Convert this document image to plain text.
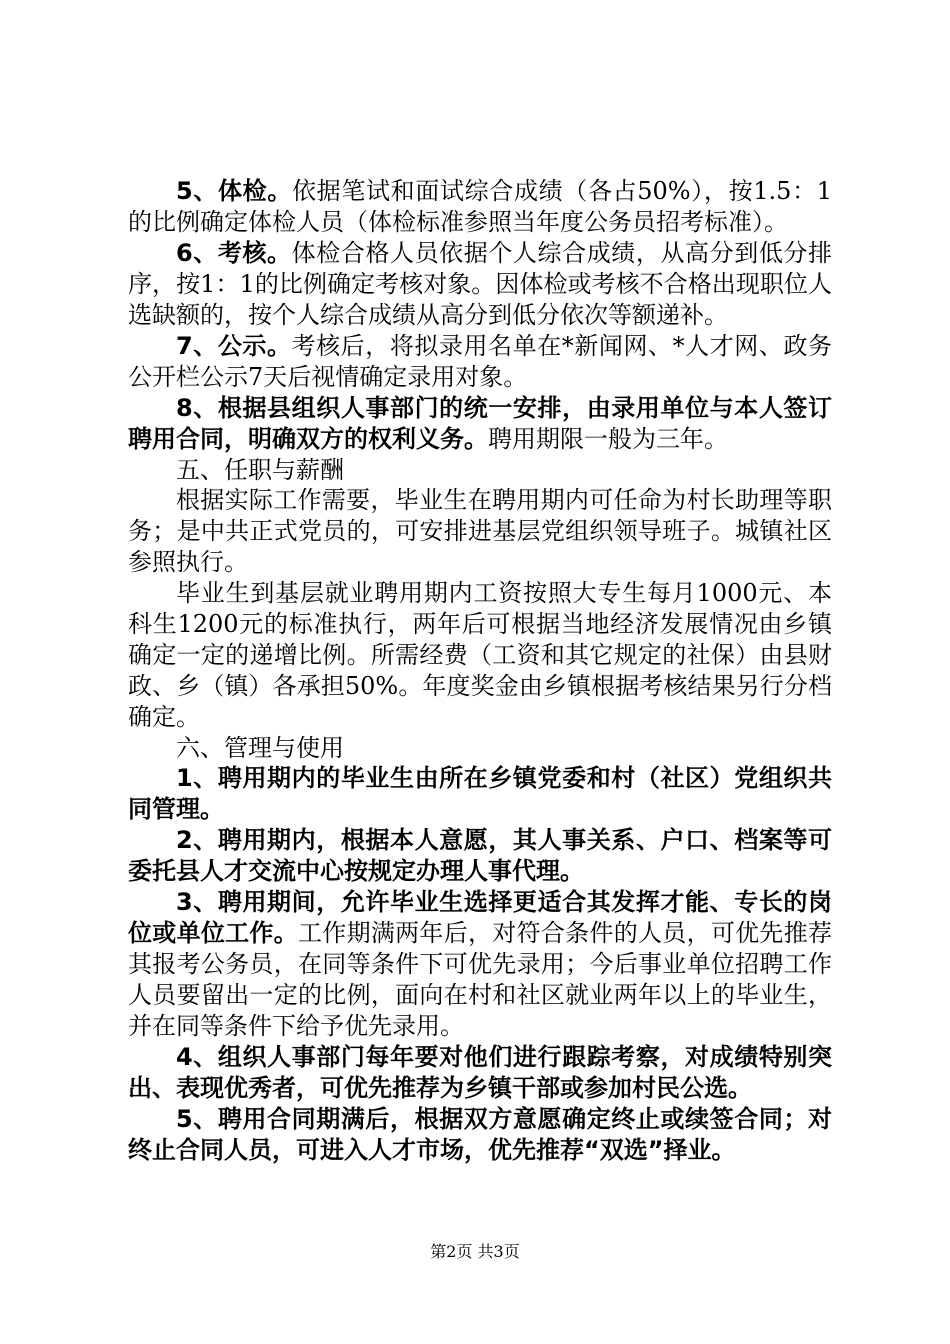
5、体检。依据笔试和面试综合成绩（各占50%），按1.5：1的比例确定体检人员（体检标准参照当年度公务员招考标准）。

6、考核。体检合格人员依据个人综合成绩，从高分到低分排序，按1：1的比例确定考核对象。因体检或考核不合格出现职位人选缺额的，按个人综合成绩从高分到低分依次等额递补。

7、公示。考核后，将拟录用名单在*新闻网、*人才网、政务公开栏公示7天后视情确定录用对象。

8、根据县组织人事部门的统一安排，由录用单位与本人签订聘用合同，明确双方的权利义务。聘用期限一般为三年。

五、任职与薪酬

根据实际工作需要，毕业生在聘用期内可任命为村长助理等职务；是中共正式党员的，可安排进基层党组织领导班子。城镇社区参照执行。

毕业生到基层就业聘用期内工资按照大专生每月1000元、本科生1200元的标准执行，两年后可根据当地经济发展情况由乡镇确定一定的递增比例。所需经费（工资和其它规定的社保）由县财政、乡（镇）各承担50%。年度奖金由乡镇根据考核结果另行分档确定。

六、管理与使用

1、聘用期内的毕业生由所在乡镇党委和村（社区）党组织共同管理。

2、聘用期内，根据本人意愿，其人事关系、户口、档案等可委托县人才交流中心按规定办理人事代理。

3、聘用期间，允许毕业生选择更适合其发挥才能、专长的岗位或单位工作。工作期满两年后，对符合条件的人员，可优先推荐其报考公务员，在同等条件下可优先录用；今后事业单位招聘工作人员要留出一定的比例，面向在村和社区就业两年以上的毕业生，并在同等条件下给予优先录用。

4、组织人事部门每年要对他们进行跟踪考察，对成绩特别突出、表现优秀者，可优先推荐为乡镇干部或参加村民公选。

5、聘用合同期满后，根据双方意愿确定终止或续签合同；对终止合同人员，可进入人才市场，优先推荐“双选”择业。

第2页 共3页
